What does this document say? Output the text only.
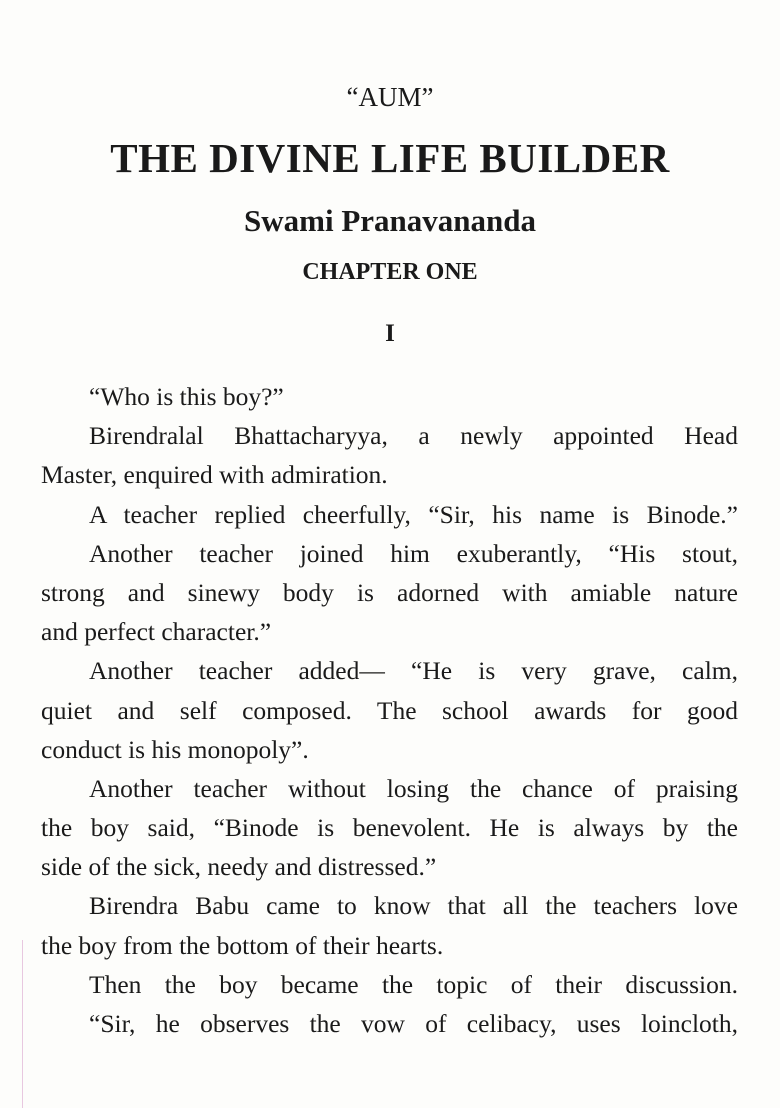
“AUM”
THE DIVINE LIFE BUILDER
Swami Pranavananda
CHAPTER ONE
I
“Who is this boy?”
Birendralal Bhattacharyya, a newly appointed Head
Master, enquired with admiration.
A teacher replied cheerfully, “Sir, his name is Binode.”
Another teacher joined him exuberantly, “His stout,
strong and sinewy body is adorned with amiable nature
and perfect character.”
Another teacher added— “He is very grave, calm,
quiet and self composed. The school awards for good
conduct is his monopoly”.
Another teacher without losing the chance of praising
the boy said, “Binode is benevolent. He is always by the
side of the sick, needy and distressed.”
Birendra Babu came to know that all the teachers love
the boy from the bottom of their hearts.
Then the boy became the topic of their discussion.
“Sir, he observes the vow of celibacy, uses loincloth,
